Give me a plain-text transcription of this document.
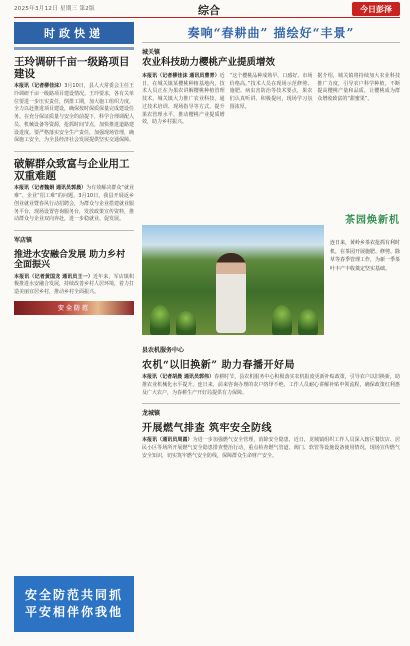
2025年3月12日 星期三 第2版	综合	今日彭泽
时政快递
王玲调研千亩一级路项目建设
本报讯（记者柳佳沫）3月10日，县人大常委会主任王玲调研千亩一级路项目建设情况。王玲要求，各有关单位要进一步压实责任，倒排工期，加大施工组织力度，全力以赴推进项目建设，确保按时保质保量完成建设任务。在充分保证质量与安全的前提下，科学合理调配人员、机械设备等资源，抢抓时间节点，加快推进道路建设进度。要严格落实安全生产责任，加强现场管理，确保施工安全，为全县经济社会发展提供坚实交通保障。
破解群众致富与企业用工双重难题
本报讯（记者魏娟 通讯员郭晨）为有效解决群众“就业难”、企业“招工难”的问题，3月10日，我县开展返乡创业就业暨春风行动招聘会，为群众与企业搭建就业服务平台，现场设置咨询服务台，发放政策宣传资料，推动群众与企业双向奔赴，进一步稳就业、促发展。
军店镇
推进水安融合发展 助力乡村全面振兴
本报讯（记者黄国龙 通讯员王一）近年来，军店镇积极推进水安融合发展，持续改善乡村人居环境，着力打造美丽宜居乡村，推动乡村全面振兴。
安全防范
安全防范共同抓
平安相伴你我他
奏响“春耕曲” 描绘好“丰景”
城关镇
农业科技助力樱桃产业提质增效
本报讯（记者柳佳沫 通讯员曹青）近日，在城关镇某樱桃种植基地内，技术人员正在为果农讲解樱桃种植管理技术。城关镇大力推广农业科技，通过技术培训、现场指导等方式，提升果农管理水平，推动樱桃产业提质增效，助力乡村振兴。
“这个樱桃品种成熟早、口感好、市场价格高。”技术人员在现场示范修剪、施肥、病虫害防治等技术要点，果农们认真听讲、积极提问，现场学习氛围浓厚。
据介绍，城关镇将持续加大农业科技推广力度，引导农户科学种植，不断提高樱桃产量和品质，让樱桃成为群众增收致富的“甜蜜果”。
茶园焕新机
连日来，黄岭乡茶农抢抓有利时机，在茶园开展施肥、修剪、除草等春季管理工作，为新一季茶叶丰产丰收奠定坚实基础。
县农机服务中心
农机“以旧换新” 助力春播开好局
本报讯（记者胡晨 通讯员郭伟）春耕时节，县农机服务中心积极落实农机报废更新补贴政策，引导农户以旧换新，助推农业机械化水平提升。连日来，前来咨询办理的农户络绎不绝，工作人员耐心讲解补贴申领流程，确保政策红利惠及广大农户，为春耕生产开好局提供有力保障。
龙城镇
开展燃气排查 筑牢安全防线
本报讯（通讯员周圆）为进一步加强燃气安全管理，消除安全隐患，近日，龙城镇组织工作人员深入辖区餐饮店、居民小区等场所开展燃气安全隐患排查整治行动，重点检查燃气管道、阀门、软管等设施设备使用情况，现场宣传燃气安全知识，切实筑牢燃气安全防线，保障群众生命财产安全。
